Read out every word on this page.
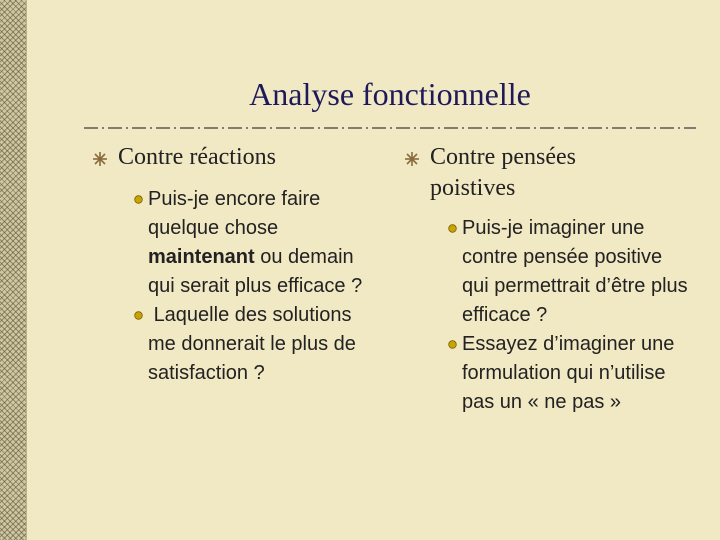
Analyse fonctionnelle
Contre réactions
Puis-je encore faire quelque chose maintenant ou demain qui serait plus efficace ?
Laquelle des solutions me donnerait le plus de satisfaction ?
Contre pensées poistives
Puis-je imaginer une contre pensée positive qui permettrait d’être plus efficace ?
Essayez d’imaginer une formulation qui n’utilise pas un « ne pas »
